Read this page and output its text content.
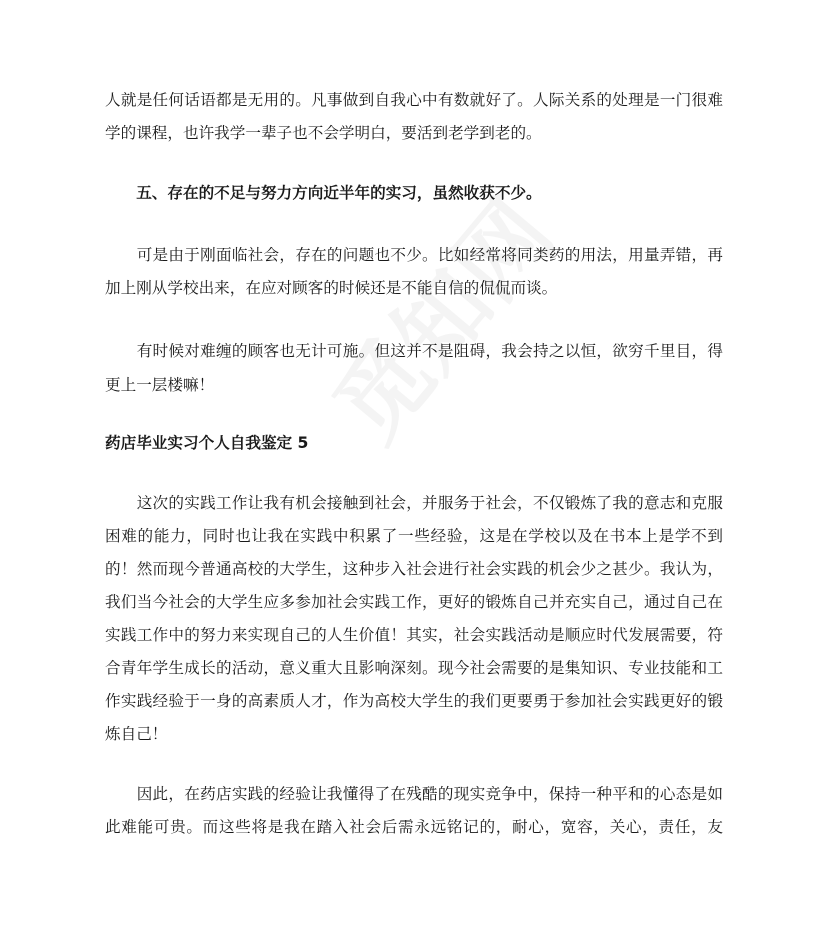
人就是任何话语都是无用的。凡事做到自我心中有数就好了。人际关系的处理是一门很难
学的课程，也许我学一辈子也不会学明白，要活到老学到老的。
　　五、存在的不足与努力方向近半年的实习，虽然收获不少。
　　可是由于刚面临社会，存在的问题也不少。比如经常将同类药的用法，用量弄错，再
加上刚从学校出来，在应对顾客的时候还是不能自信的侃侃而谈。
　　有时候对难缠的顾客也无计可施。但这并不是阻碍，我会持之以恒，欲穷千里目，得
更上一层楼嘛！
药店毕业实习个人自我鉴定 5
　　这次的实践工作让我有机会接触到社会，并服务于社会，不仅锻炼了我的意志和克服
困难的能力，同时也让我在实践中积累了一些经验，这是在学校以及在书本上是学不到
的！然而现今普通高校的大学生，这种步入社会进行社会实践的机会少之甚少。我认为，
我们当今社会的大学生应多参加社会实践工作，更好的锻炼自己并充实自己，通过自己在
实践工作中的努力来实现自己的人生价值！其实，社会实践活动是顺应时代发展需要，符
合青年学生成长的活动，意义重大且影响深刻。现今社会需要的是集知识、专业技能和工
作实践经验于一身的高素质人才，作为高校大学生的我们更要勇于参加社会实践更好的锻
炼自己！
　　因此，在药店实践的经验让我懂得了在残酷的现实竞争中，保持一种平和的心态是如
此难能可贵。而这些将是我在踏入社会后需永远铭记的，耐心，宽容，关心，责任，友
